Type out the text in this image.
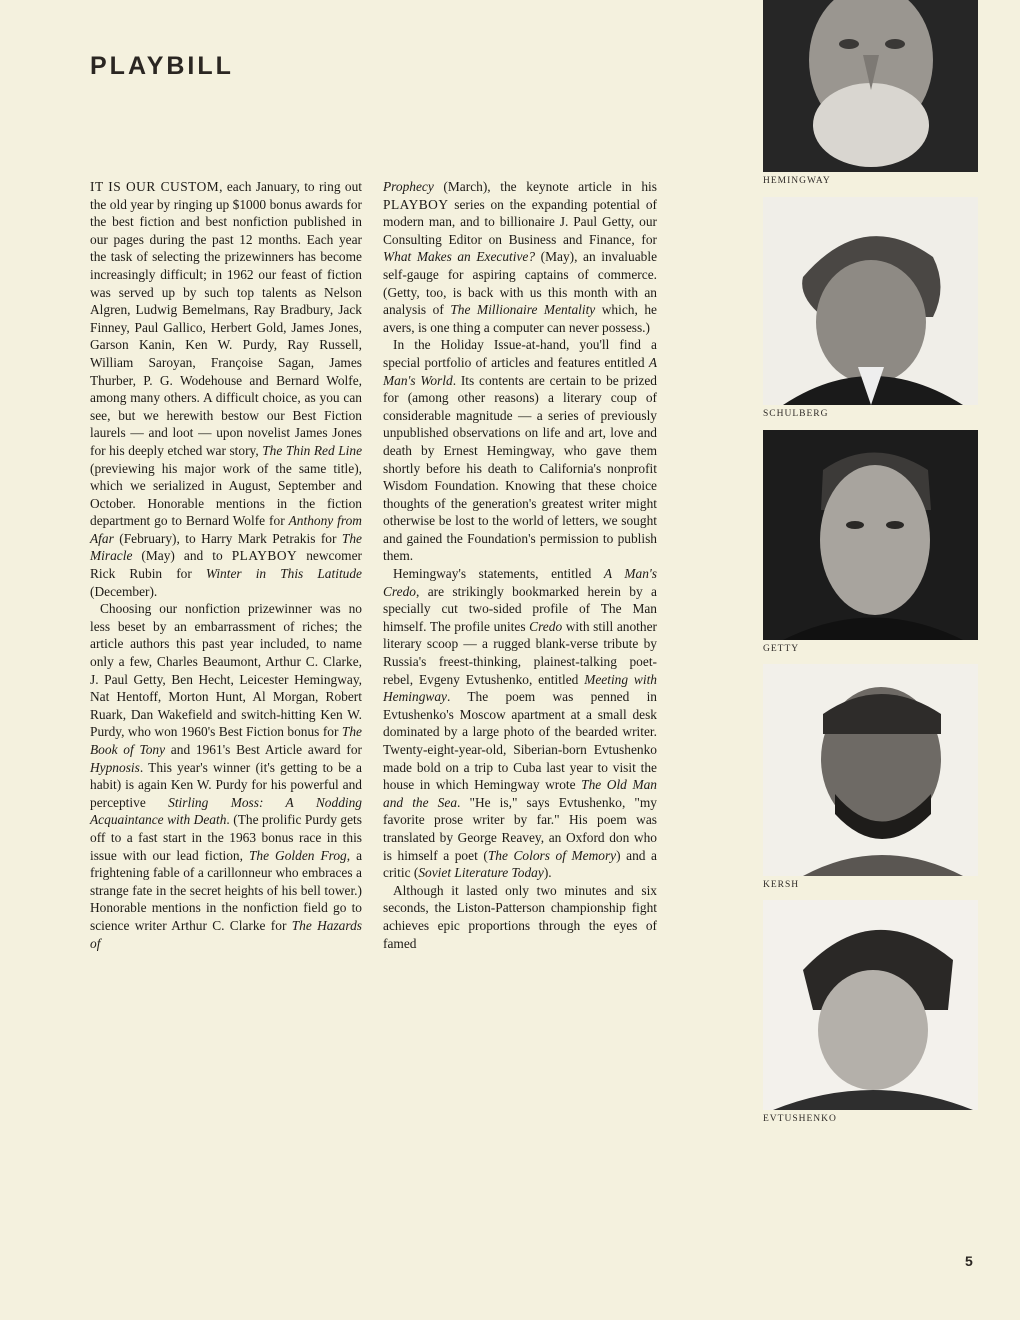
PLAYBILL

IT IS OUR CUSTOM, each January, to ring out the old year by ringing up $1000 bonus awards for the best fiction and best nonfiction published in our pages during the past 12 months. Each year the task of selecting the prizewinners has become increasingly difficult; in 1962 our feast of fiction was served up by such top talents as Nelson Algren, Ludwig Bemelmans, Ray Bradbury, Jack Finney, Paul Gallico, Herbert Gold, James Jones, Garson Kanin, Ken W. Purdy, Ray Russell, William Saroyan, Françoise Sagan, James Thurber, P. G. Wodehouse and Bernard Wolfe, among many others. A difficult choice, as you can see, but we herewith bestow our Best Fiction laurels — and loot — upon novelist James Jones for his deeply etched war story, The Thin Red Line (previewing his major work of the same title), which we serialized in August, September and October. Honorable mentions in the fiction department go to Bernard Wolfe for Anthony from Afar (February), to Harry Mark Petrakis for The Miracle (May) and to PLAYBOY newcomer Rick Rubin for Winter in This Latitude (December).

Choosing our nonfiction prizewinner was no less beset by an embarrassment of riches; the article authors this past year included, to name only a few, Charles Beaumont, Arthur C. Clarke, J. Paul Getty, Ben Hecht, Leicester Hemingway, Nat Hentoff, Morton Hunt, Al Morgan, Robert Ruark, Dan Wakefield and switch-hitting Ken W. Purdy, who won 1960's Best Fiction bonus for The Book of Tony and 1961's Best Article award for Hypnosis. This year's winner (it's getting to be a habit) is again Ken W. Purdy for his powerful and perceptive Stirling Moss: A Nodding Acquaintance with Death. (The prolific Purdy gets off to a fast start in the 1963 bonus race in this issue with our lead fiction, The Golden Frog, a frightening fable of a carillonneur who embraces a strange fate in the secret heights of his bell tower.) Honorable mentions in the nonfiction field go to science writer Arthur C. Clarke for The Hazards of

Prophecy (March), the keynote article in his PLAYBOY series on the expanding potential of modern man, and to billionaire J. Paul Getty, our Consulting Editor on Business and Finance, for What Makes an Executive? (May), an invaluable self-gauge for aspiring captains of commerce. (Getty, too, is back with us this month with an analysis of The Millionaire Mentality which, he avers, is one thing a computer can never possess.)

In the Holiday Issue-at-hand, you'll find a special portfolio of articles and features entitled A Man's World. Its contents are certain to be prized for (among other reasons) a literary coup of considerable magnitude — a series of previously unpublished observations on life and art, love and death by Ernest Hemingway, who gave them shortly before his death to California's nonprofit Wisdom Foundation. Knowing that these choice thoughts of the generation's greatest writer might otherwise be lost to the world of letters, we sought and gained the Foundation's permission to publish them.

Hemingway's statements, entitled A Man's Credo, are strikingly bookmarked herein by a specially cut two-sided profile of The Man himself. The profile unites Credo with still another literary scoop — a rugged blank-verse tribute by Russia's freest-thinking, plainest-talking poet-rebel, Evgeny Evtushenko, entitled Meeting with Hemingway. The poem was penned in Evtushenko's Moscow apartment at a small desk dominated by a large photo of the bearded writer. Twenty-eight-year-old, Siberian-born Evtushenko made bold on a trip to Cuba last year to visit the house in which Hemingway wrote The Old Man and the Sea. "He is," says Evtushenko, "my favorite prose writer by far." His poem was translated by George Reavey, an Oxford don who is himself a poet (The Colors of Memory) and a critic (Soviet Literature Today).

Although it lasted only two minutes and six seconds, the Liston-Patterson championship fight achieves epic proportions through the eyes of famed

HEMINGWAY
SCHULBERG
GETTY
KERSH
EVTUSHENKO
5
